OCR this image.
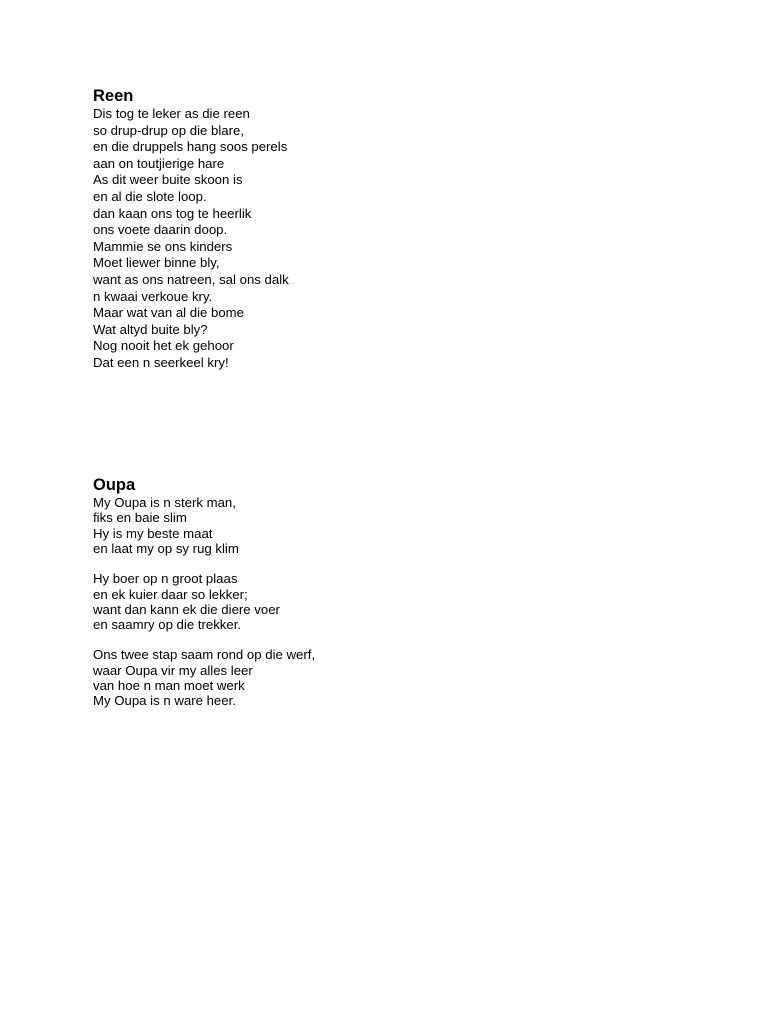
Reen
Dis tog te leker as die reen
so drup-drup op die blare,
en die druppels hang soos perels
aan on toutjierige hare
As dit weer buite skoon is
en al die slote loop.
dan kaan ons tog te heerlik
ons voete daarin doop.
Mammie se ons kinders
Moet liewer binne bly,
want as ons natreen, sal ons dalk
n kwaai verkoue kry.
Maar wat van al die bome
Wat altyd buite bly?
Nog nooit het ek gehoor
Dat een n seerkeel kry!
Oupa
My Oupa is n sterk man,
fiks en baie slim
Hy is my beste maat
en laat my op sy rug klim
Hy boer op n groot plaas
en ek kuier daar so lekker;
want dan kann ek die diere voer
en saamry op die trekker.
Ons twee stap saam rond op die werf,
waar Oupa vir my alles leer
van hoe n man moet werk
My Oupa is n ware heer.
